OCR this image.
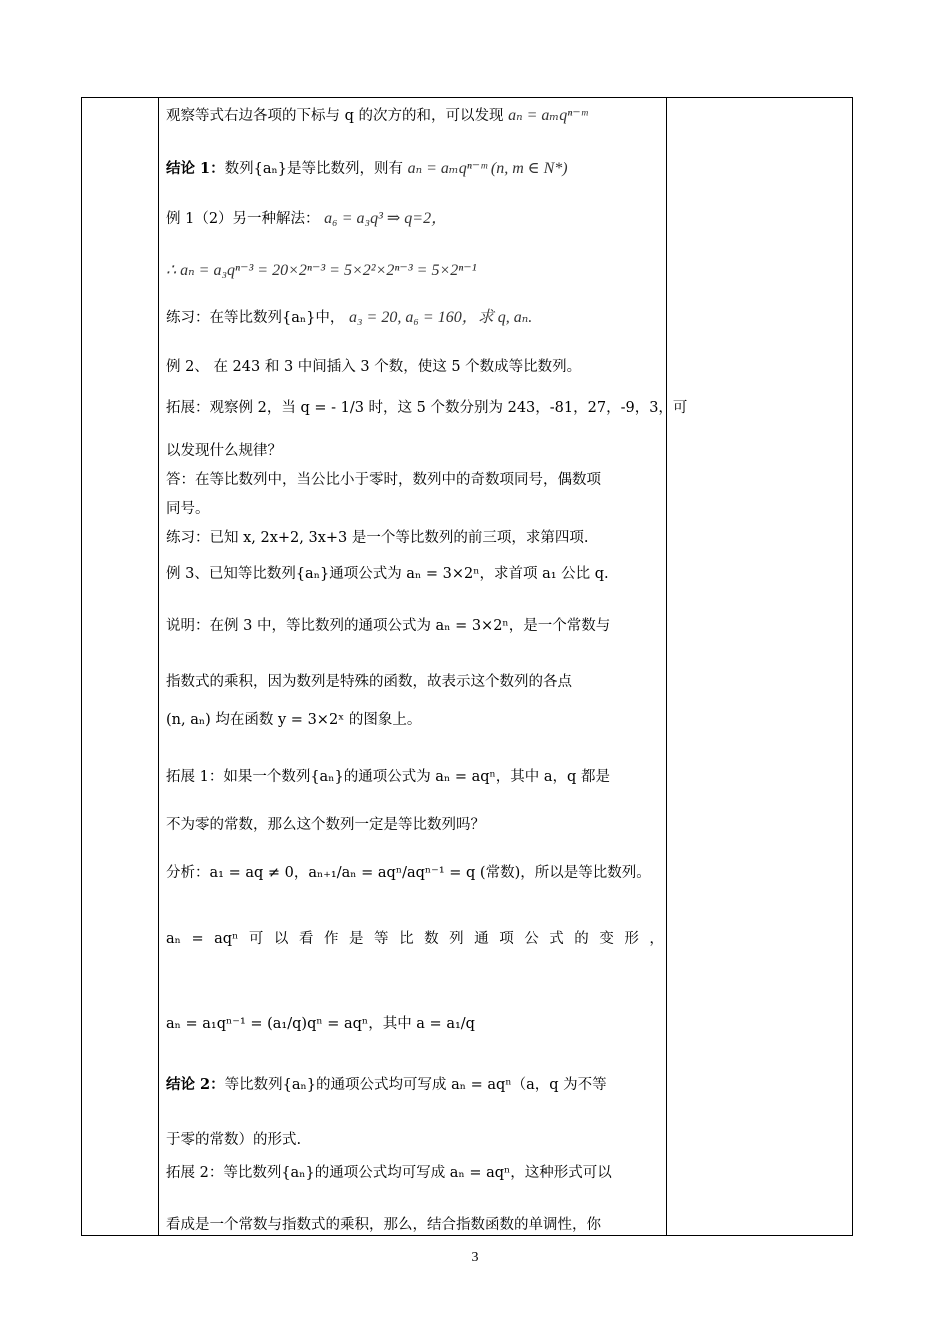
观察等式右边各项的下标与 q 的次方的和，可以发现 aₙ = aₘqⁿ⁻ᵐ
结论 1：数列{aₙ}是等比数列，则有 aₙ = aₘqⁿ⁻ᵐ (n, m ∈ N*)
例 1（2）另一种解法： a₆ = a₃q³ ⇒ q=2，
∴ aₙ = a₃qⁿ⁻³ = 20×2ⁿ⁻³ = 5×2²×2ⁿ⁻³ = 5×2ⁿ⁻¹
练习：在等比数列{aₙ}中， a₃ = 20, a₆ = 160，求 q, aₙ.
例 2、 在 243 和 3 中间插入 3 个数，使这 5 个数成等比数列。
拓展：观察例 2，当 q = - 1/3 时，这 5 个数分别为 243，-81，27，-9，3，可
以发现什么规律？
答：在等比数列中，当公比小于零时，数列中的奇数项同号，偶数项
同号。
练习：已知 x, 2x+2, 3x+3 是一个等比数列的前三项，求第四项.
例 3、已知等比数列{aₙ}通项公式为 aₙ = 3×2ⁿ，求首项 a₁ 公比 q.
说明：在例 3 中，等比数列的通项公式为 aₙ = 3×2ⁿ，是一个常数与
指数式的乘积，因为数列是特殊的函数，故表示这个数列的各点
(n, aₙ) 均在函数 y = 3×2ˣ 的图象上。
拓展 1：如果一个数列{aₙ}的通项公式为 aₙ = aqⁿ，其中 a，q 都是
不为零的常数，那么这个数列一定是等比数列吗？
分析：a₁ = aq ≠ 0，aₙ₊₁/aₙ = aqⁿ/aqⁿ⁻¹ = q (常数)，所以是等比数列。
aₙ = aqⁿ 可 以 看 作 是 等 比 数 列 通 项 公 式 的 变 形 ，
aₙ = a₁qⁿ⁻¹ = (a₁/q)qⁿ = aqⁿ，其中 a = a₁/q
结论 2：等比数列{aₙ}的通项公式均可写成 aₙ = aqⁿ（a，q 为不等
于零的常数）的形式.
拓展 2：等比数列{aₙ}的通项公式均可写成 aₙ = aqⁿ，这种形式可以
看成是一个常数与指数式的乘积，那么，结合指数函数的单调性，你
3
